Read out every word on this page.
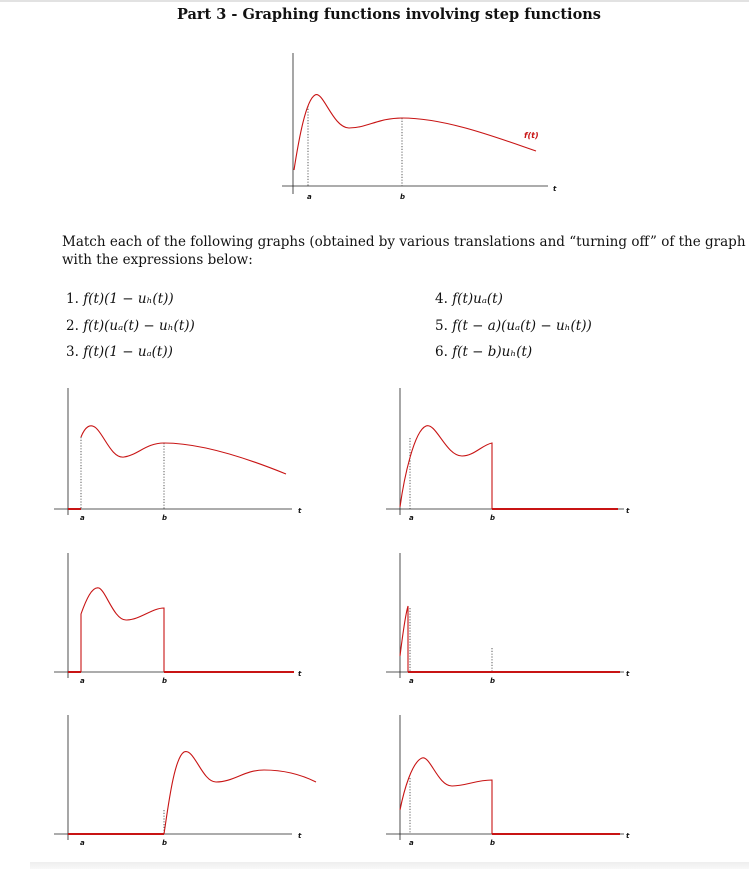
Part 3 - Graphing functions involving step functions
f(t)
a	b
t
Match each of the following graphs (obtained by various translations and “turning off” of the graph
with the expressions below:
1. f(t)(1 − uₕ(t))
2. f(t)(uₐ(t) − uₕ(t))
3. f(t)(1 − uₐ(t))
4. f(t)uₐ(t)
5. f(t − a)(uₐ(t) − uₕ(t))
6. f(t − b)uₕ(t)
a	b
t
a	b
t
a	b
t
a	b
t
a	b
t
a	b
t
